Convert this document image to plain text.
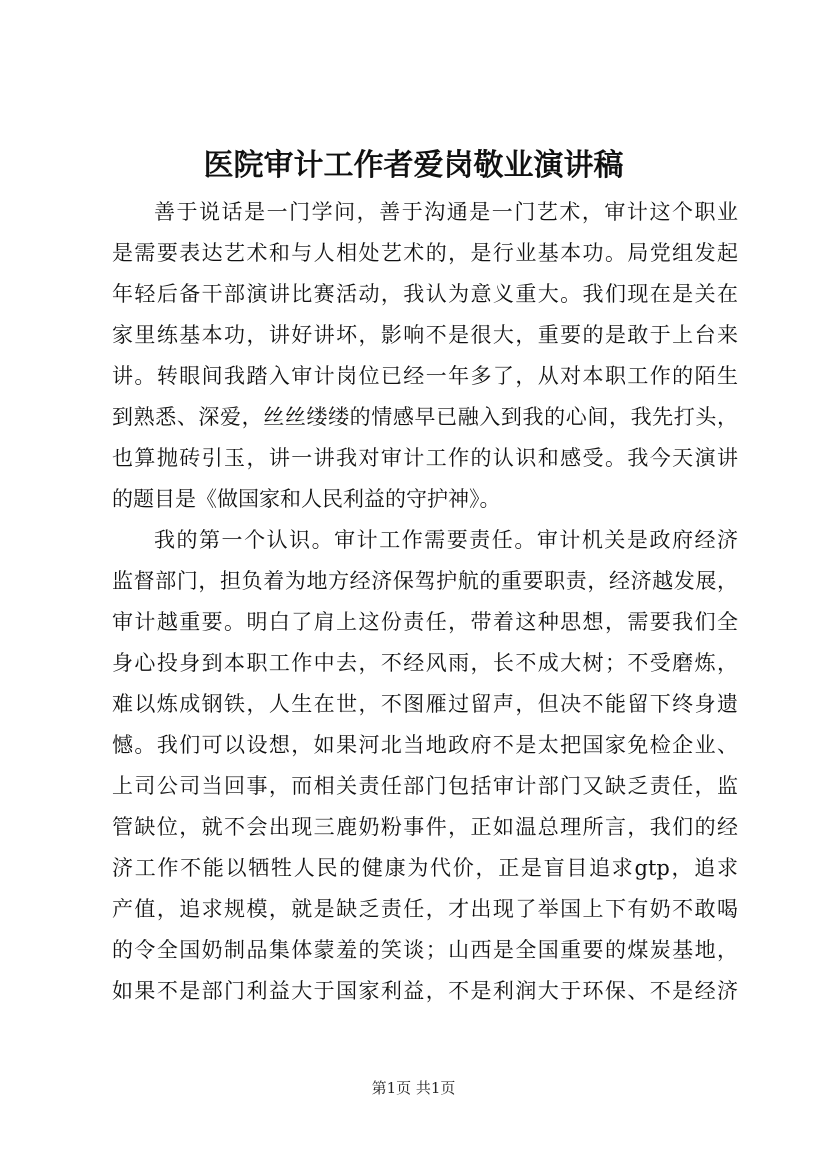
医院审计工作者爱岗敬业演讲稿
善于说话是一门学问，善于沟通是一门艺术，审计这个职业
是需要表达艺术和与人相处艺术的，是行业基本功。局党组发起
年轻后备干部演讲比赛活动，我认为意义重大。我们现在是关在
家里练基本功，讲好讲坏，影响不是很大，重要的是敢于上台来
讲。转眼间我踏入审计岗位已经一年多了，从对本职工作的陌生
到熟悉、深爱，丝丝缕缕的情感早已融入到我的心间，我先打头，
也算抛砖引玉，讲一讲我对审计工作的认识和感受。我今天演讲
的题目是《做国家和人民利益的守护神》。
我的第一个认识。审计工作需要责任。审计机关是政府经济
监督部门，担负着为地方经济保驾护航的重要职责，经济越发展，
审计越重要。明白了肩上这份责任，带着这种思想，需要我们全
身心投身到本职工作中去，不经风雨，长不成大树；不受磨炼，
难以炼成钢铁，人生在世，不图雁过留声，但决不能留下终身遗
憾。我们可以设想，如果河北当地政府不是太把国家免检企业、
上司公司当回事，而相关责任部门包括审计部门又缺乏责任，监
管缺位，就不会出现三鹿奶粉事件，正如温总理所言，我们的经
济工作不能以牺牲人民的健康为代价，正是盲目追求gtp，追求
产值，追求规模，就是缺乏责任，才出现了举国上下有奶不敢喝
的令全国奶制品集体蒙羞的笑谈；山西是全国重要的煤炭基地，
如果不是部门利益大于国家利益，不是利润大于环保、不是经济
第1页 共1页
